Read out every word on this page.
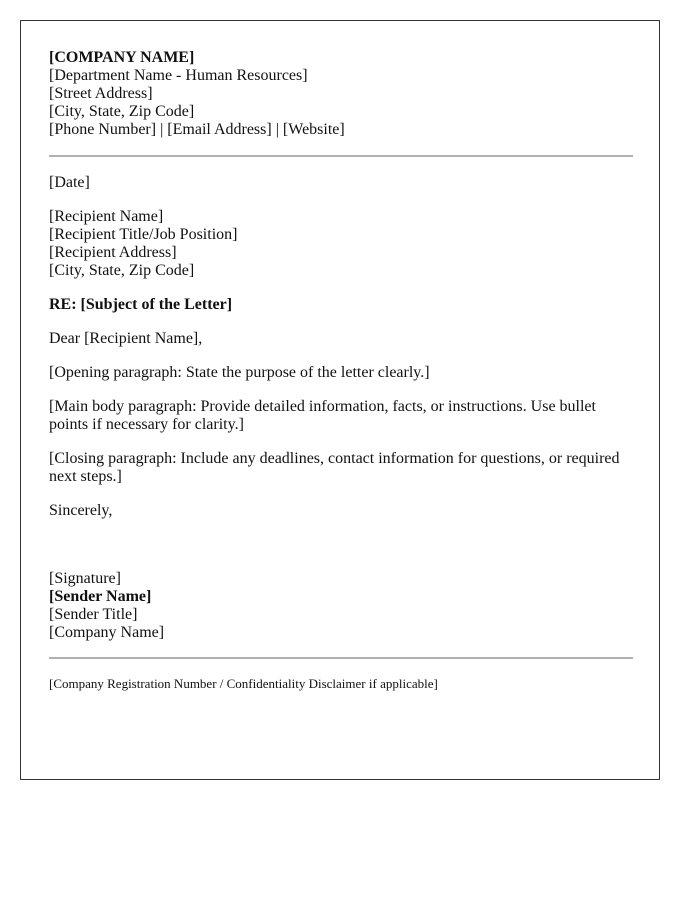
[COMPANY NAME]
[Department Name - Human Resources]
[Street Address]
[City, State, Zip Code]
[Phone Number] | [Email Address] | [Website]

[Date]

[Recipient Name]
[Recipient Title/Job Position]
[Recipient Address]
[City, State, Zip Code]

RE: [Subject of the Letter]

Dear [Recipient Name],

[Opening paragraph: State the purpose of the letter clearly.]

[Main body paragraph: Provide detailed information, facts, or instructions. Use bullet points if necessary for clarity.]

[Closing paragraph: Include any deadlines, contact information for questions, or required next steps.]

Sincerely,

[Signature]
[Sender Name]
[Sender Title]
[Company Name]

[Company Registration Number / Confidentiality Disclaimer if applicable]
